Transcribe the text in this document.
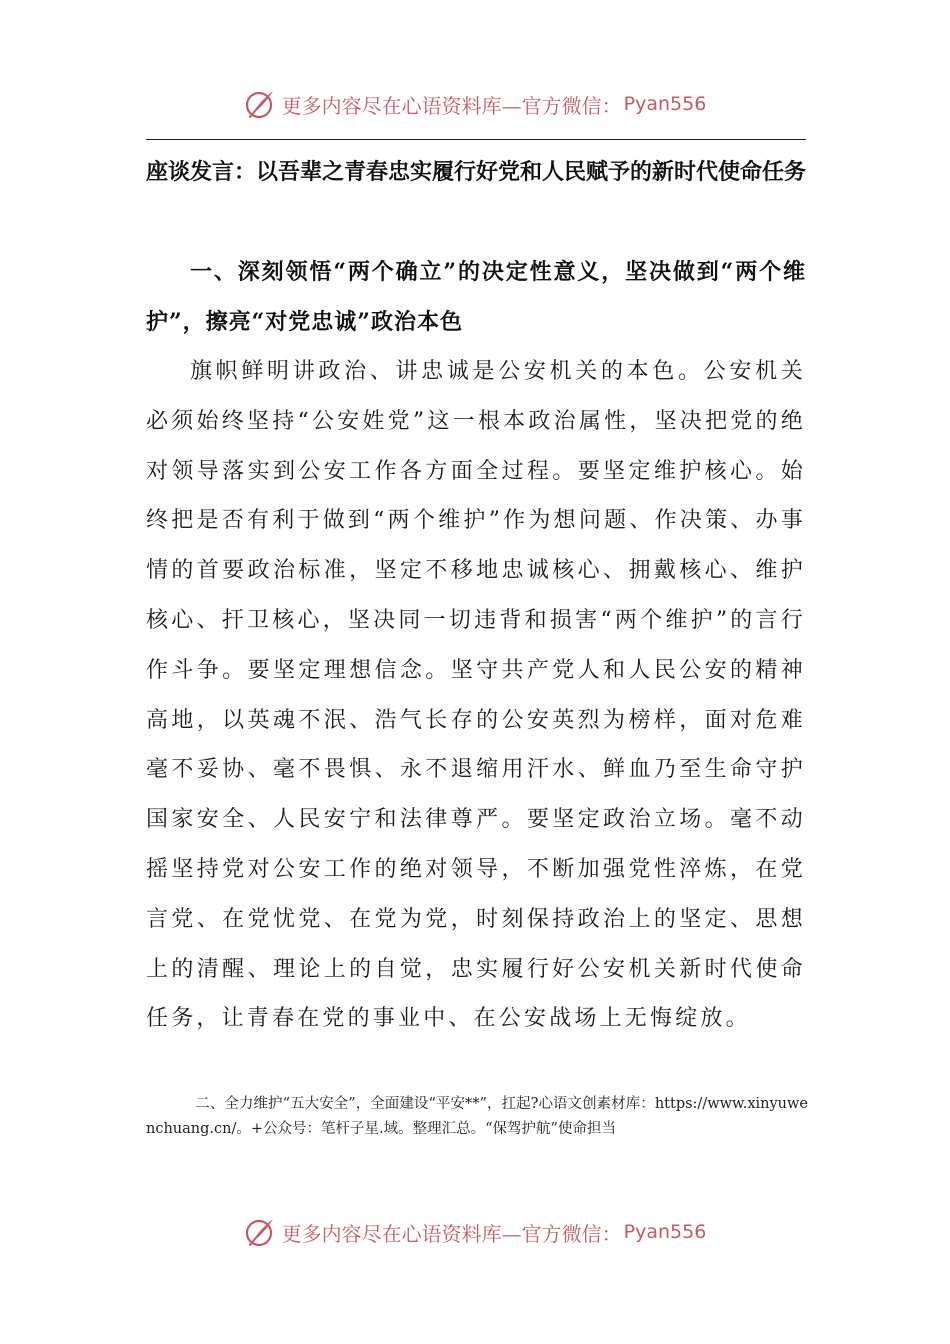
更多内容尽在心语资料库—官方微信： Pyan556
座谈发言：以吾辈之青春忠实履行好党和人民赋予的新时代使命任务
一、深刻领悟“两个确立”的决定性意义，坚决做到“两个维护”，擦亮“对党忠诚”政治本色

旗帜鲜明讲政治、讲忠诚是公安机关的本色。公安机关必须始终坚持“公安姓党”这一根本政治属性，坚决把党的绝对领导落实到公安工作各方面全过程。要坚定维护核心。始终把是否有利于做到“两个维护”作为想问题、作决策、办事情的首要政治标准，坚定不移地忠诚核心、拥戴核心、维护核心、扞卫核心，坚决同一切违背和损害“两个维护”的言行作斗争。要坚定理想信念。坚守共产党人和人民公安的精神高地，以英魂不泯、浩气长存的公安英烈为榜样，面对危难毫不妥协、毫不畏惧、永不退缩用汗水、鲜血乃至生命守护国家安全、人民安宁和法律尊严。要坚定政治立场。毫不动摇坚持党对公安工作的绝对领导，不断加强党性淬炼，在党言党、在党忧党、在党为党，时刻保持政治上的坚定、思想上的清醒、理论上的自觉，忠实履行好公安机关新时代使命任务，让青春在党的事业中、在公安战场上无悔绽放。

二、全力维护“五大安全”，全面建设“平安**”，扛起?心语文创素材库：https://www.xinyuwenchuang.cn/。+公众号：笔杆子星.域。整理汇总。“保驾护航”使命担当

更多内容尽在心语资料库—官方微信： Pyan556
